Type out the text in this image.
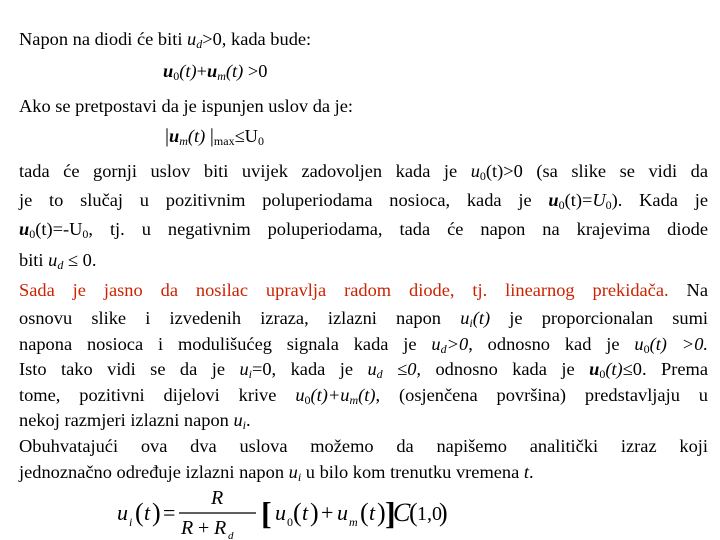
Napon na diodi će biti $u_d>0$, kada bude:
$u_0(t)+u_m(t) >0$
Ako se pretpostavi da je ispunjen uslov da je:
$|u_m(t)$ $|_{max}\le U_0$
tada će gornji uslov biti uvijek zadovoljen kada je $u_0(t)>0$ (sa slike se vidi da
je to slučaj u pozitivnim poluperiodama nosioca, kada je $u_0(t)=U_0$). Kada je
$u_0(t)=-U_0$, tj. u negativnim poluperiodama, tada će napon na krajevima diode
biti $u_d \le 0$.
Sada je jasno da nosilac upravlja radom diode, tj. linearnog prekidača. Na
osnovu slike i izvedenih izraza, izlazni napon $u_i(t)$ je proporcionalan sumi
napona nosioca i modulišućeg signala kada je $u_d>0$, odnosno kad je $u_0(t) >0$.
Isto tako vidi se da je $u_i=0$, kada je $u_d \le 0$, odnosno kada je $u_0(t)\le 0$. Prema
tome, pozitivni dijelovi krive $u_0(t)+u_m(t)$, (osjenčena površina) predstavljaju u
nekoj razmjeri izlazni napon $u_i$.
Obuhvatajući ova dva uslova možemo da napišemo analitički izraz koji
jednoznačno određuje izlazni napon $u_i$ u bilo kom trenutku vremena t.
u i ( t ) =
R
R + R d
[ u 0 ( t ) + u m ( t ) ]
C
( 1,0
)
